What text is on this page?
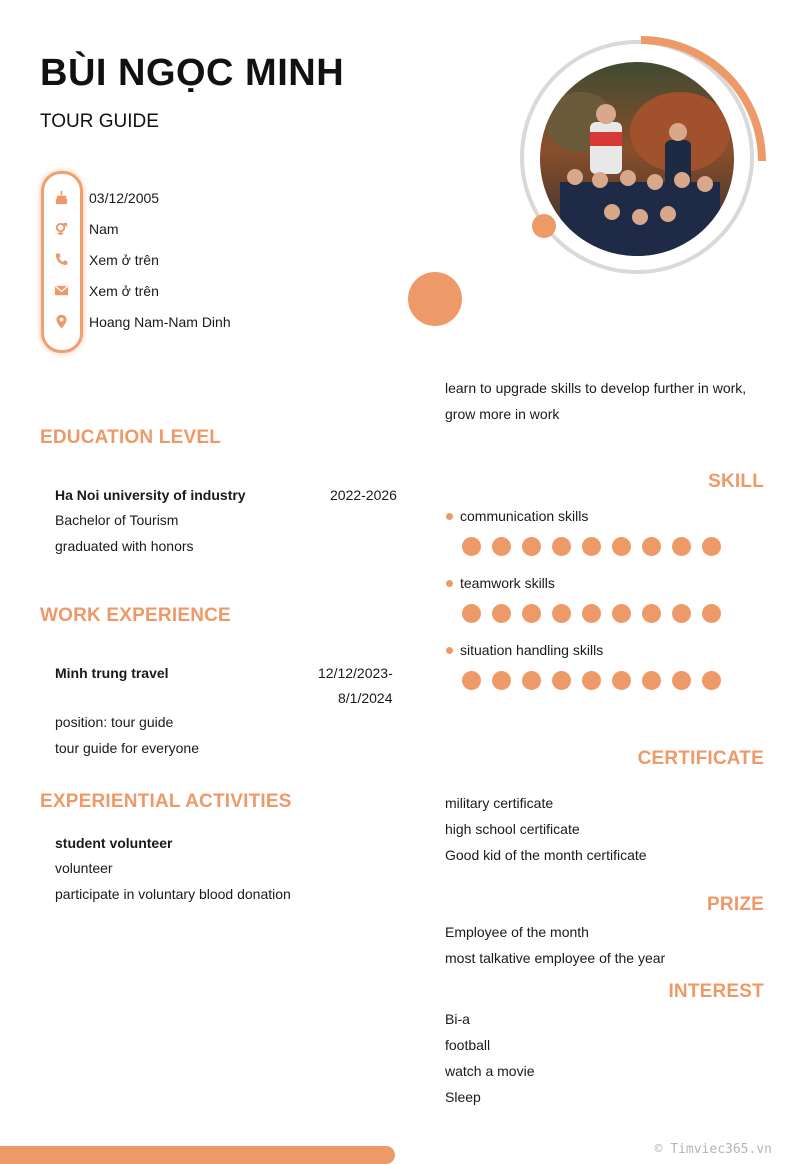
BÙI NGỌC MINH
TOUR GUIDE
03/12/2005
Nam
Xem ở trên
Xem ở trên
Hoang Nam-Nam Dinh
learn to upgrade skills to develop further in work,
grow more in work
EDUCATION LEVEL
Ha Noi university of industry	2022-2026
Bachelor of Tourism
graduated with honors
WORK EXPERIENCE
Minh trung travel	12/12/2023-
8/1/2024
position: tour guide
tour guide for everyone
EXPERIENTIAL ACTIVITIES
student volunteer
volunteer
participate in voluntary blood donation
SKILL
communication skills
teamwork skills
situation handling skills
CERTIFICATE
military certificate
high school certificate
Good kid of the month certificate
PRIZE
Employee of the month
most talkative employee of the year
INTEREST
Bi-a
football
watch a movie
Sleep
© Timviec365.vn
